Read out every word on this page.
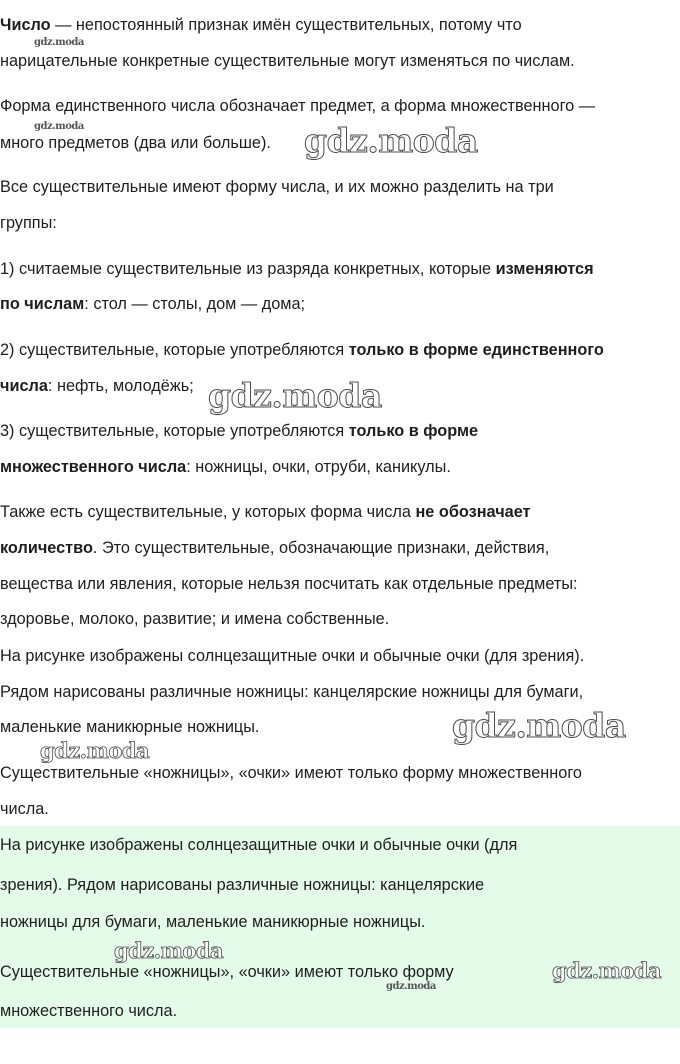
Число — непостоянный признак имён существительных, потому что
нарицательные конкретные существительные могут изменяться по числам.
Форма единственного числа обозначает предмет, а форма множественного —
много предметов (два или больше).
Все существительные имеют форму числа, и их можно разделить на три
группы:
1) считаемые существительные из разряда конкретных, которые изменяются
по числам: стол — столы, дом — дома;
2) существительные, которые употребляются только в форме единственного
числа: нефть, молодёжь;
3) существительные, которые употребляются только в форме
множественного числа: ножницы, очки, отруби, каникулы.
Также есть существительные, у которых форма числа не обозначает
количество. Это существительные, обозначающие признаки, действия,
вещества или явления, которые нельзя посчитать как отдельные предметы:
здоровье, молоко, развитие; и имена собственные.
На рисунке изображены солнцезащитные очки и обычные очки (для зрения).
Рядом нарисованы различные ножницы: канцелярские ножницы для бумаги,
маленькие маникюрные ножницы.
Существительные «ножницы», «очки» имеют только форму множественного
числа.
На рисунке изображены солнцезащитные очки и обычные очки (для
зрения). Рядом нарисованы различные ножницы: канцелярские
ножницы для бумаги, маленькие маникюрные ножницы.
Существительные «ножницы», «очки» имеют только форму
множественного числа.
gdz.moda
gdz.moda	gdz.moda
gdz.moda
gdz.moda
gdz.moda
gdz.moda
gdz.moda
gdz.moda
